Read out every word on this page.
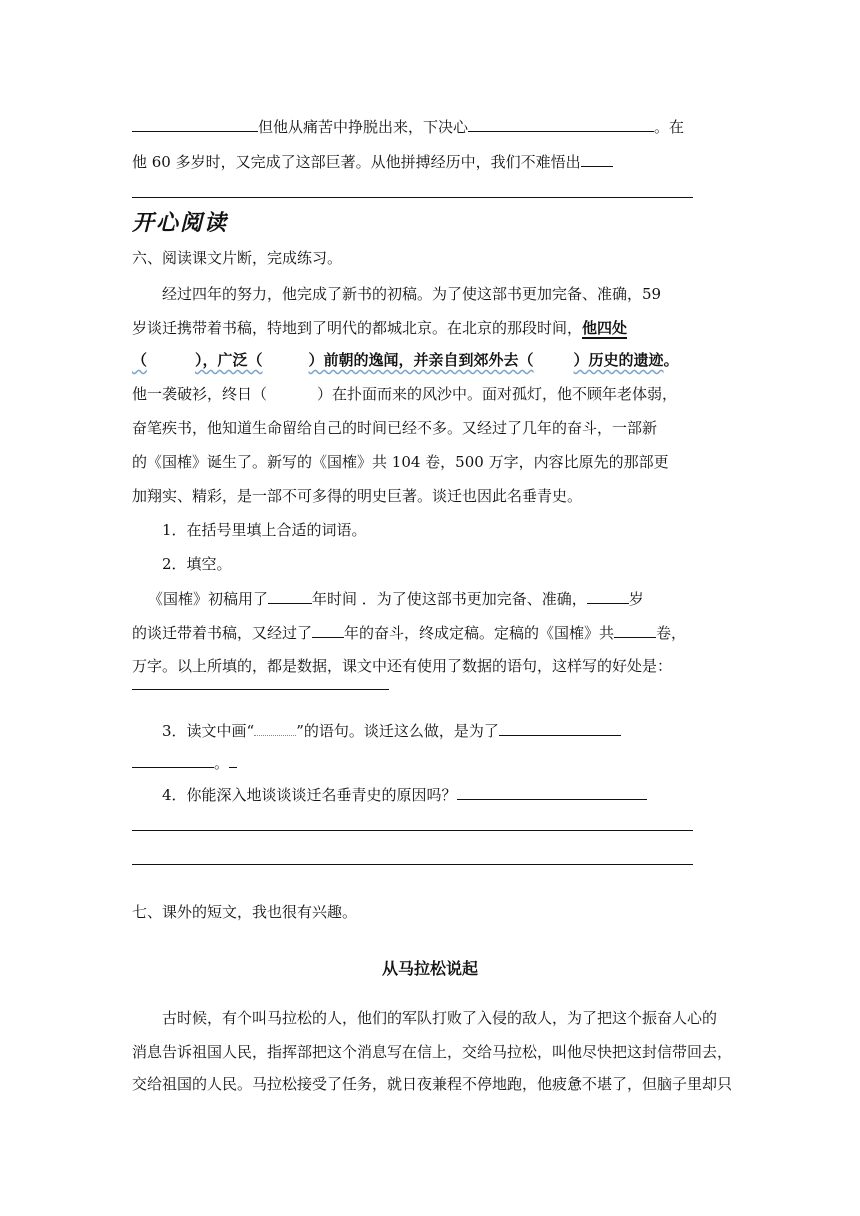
但他从痛苦中挣脱出来，下决心	。在
他 60 多岁时，又完成了这部巨著。从他拼搏经历中，我们不难悟出
开心阅读
六、阅读课文片断，完成练习。
经过四年的努力，他完成了新书的初稿。为了使这部书更加完备、准确，59
岁谈迁携带着书稿，特地到了明代的都城北京。在北京的那段时间，他四处
（	），广泛（	）前朝的逸闻，并亲自到郊外去（	）历史的遗迹。
他一袭破衫，终日（	）在扑面而来的风沙中。面对孤灯，他不顾年老体弱，
奋笔疾书，他知道生命留给自己的时间已经不多。又经过了几年的奋斗，一部新
的《国榷》诞生了。新写的《国榷》共 104 卷，500 万字，内容比原先的那部更
加翔实、精彩，是一部不可多得的明史巨著。谈迁也因此名垂青史。
1．在括号里填上合适的词语。
2．填空。
《国榷》初稿用了	年时间 ．为了使这部书更加完备、准确，	岁
的谈迁带着书稿，又经过了 年的奋斗，终成定稿。定稿的《国榷》共	卷，
万字。以上所填的，都是数据，课文中还有使用了数据的语句，这样写的好处是：
3．读文中画“	”的语句。谈迁这么做，是为了
。
4．你能深入地谈谈谈迁名垂青史的原因吗？
七、课外的短文，我也很有兴趣。
从马拉松说起
古时候，有个叫马拉松的人，他们的军队打败了入侵的敌人，为了把这个振奋人心的
消息告诉祖国人民，指挥部把这个消息写在信上，交给马拉松，叫他尽快把这封信带回去，
交给祖国的人民。马拉松接受了任务，就日夜兼程不停地跑，他疲惫不堪了，但脑子里却只
